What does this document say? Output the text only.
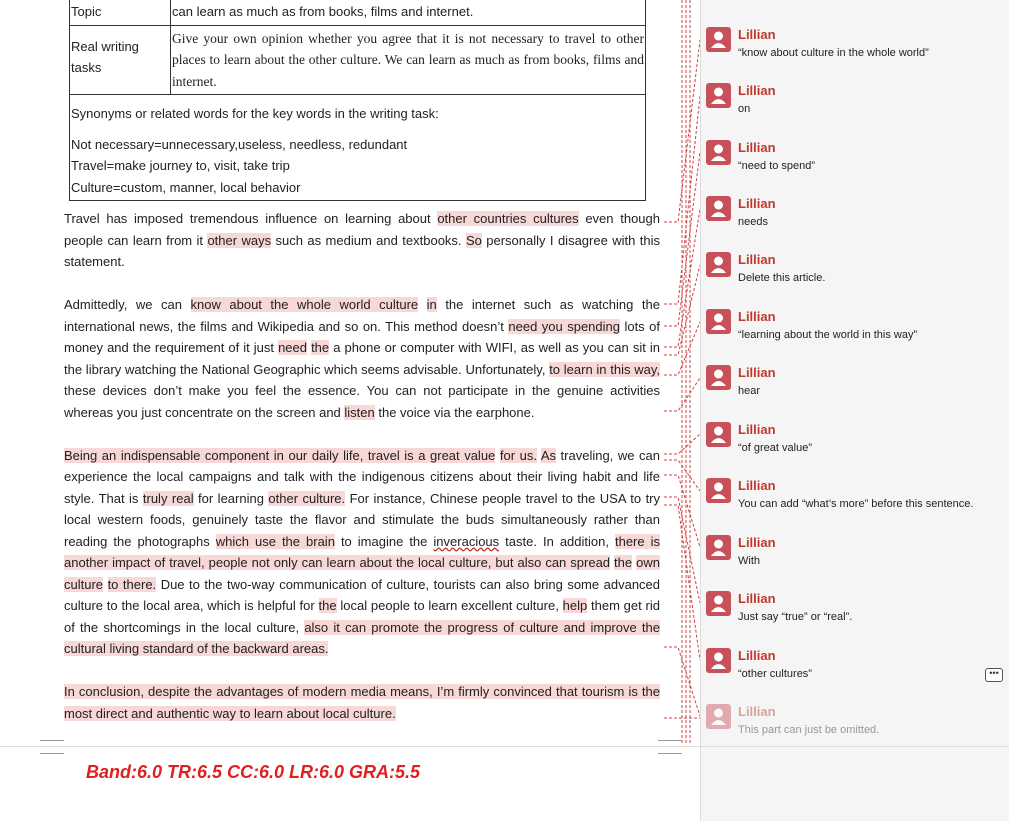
Topic	can learn as much as from books, films and internet.
Real writing tasks	Give your own opinion whether you agree that it is not necessary to travel to other places to learn about the other culture. We can learn as much as from books, films and internet.

Synonyms or related words for the key words in the writing task:

Not necessary=unnecessary,useless, needless, redundant

Travel=make journey to, visit, take trip

Culture=custom, manner, local behavior	

Travel has imposed tremendous influence on learning about other countries cultures even though people can learn from it other ways such as medium and textbooks. So personally I disagree with this statement.

Admittedly, we can know about the whole world culture in the internet such as watching the international news, the films and Wikipedia and so on. This method doesn’t need you spending lots of money and the requirement of it just need the a phone or computer with WIFI, as well as you can sit in the library watching the National Geographic which seems advisable. Unfortunately, to learn in this way, these devices don’t make you feel the essence. You can not participate in the genuine activities whereas you just concentrate on the screen and listen the voice via the earphone.

Being an indispensable component in our daily life, travel is a great value for us. As traveling, we can experience the local campaigns and talk with the indigenous citizens about their living habit and life style. That is truly real for learning other culture. For instance, Chinese people travel to the USA to try local western foods, genuinely taste the flavor and stimulate the buds simultaneously rather than reading the photographs which use the brain to imagine the inveracious taste. In addition, there is another impact of travel, people not only can learn about the local culture, but also can spread the own culture to there. Due to the two-way communication of culture, tourists can also bring some advanced culture to the local area, which is helpful for the local people to learn excellent culture, help them get rid of the shortcomings in the local culture, also it can promote the progress of culture and improve the cultural living standard of the backward areas.

In conclusion, despite the advantages of modern media means, I’m firmly convinced that tourism is the most direct and authentic way to learn about local culture.

Lillian
“know about culture in the whole world”
Lillian
on
Lillian
“need to spend”
Lillian
needs
Lillian
Delete this article.
Lillian
“learning about the world in this way”
Lillian
hear
Lillian
“of great value”
Lillian
You can add “what’s more” before this sentence.
Lillian
With
Lillian
Just say “true” or “real”.
Lillian
“other cultures”
Lillian
This part can just be omitted.
•••
Band:6.0 TR:6.5 CC:6.0 LR:6.0 GRA:5.5
